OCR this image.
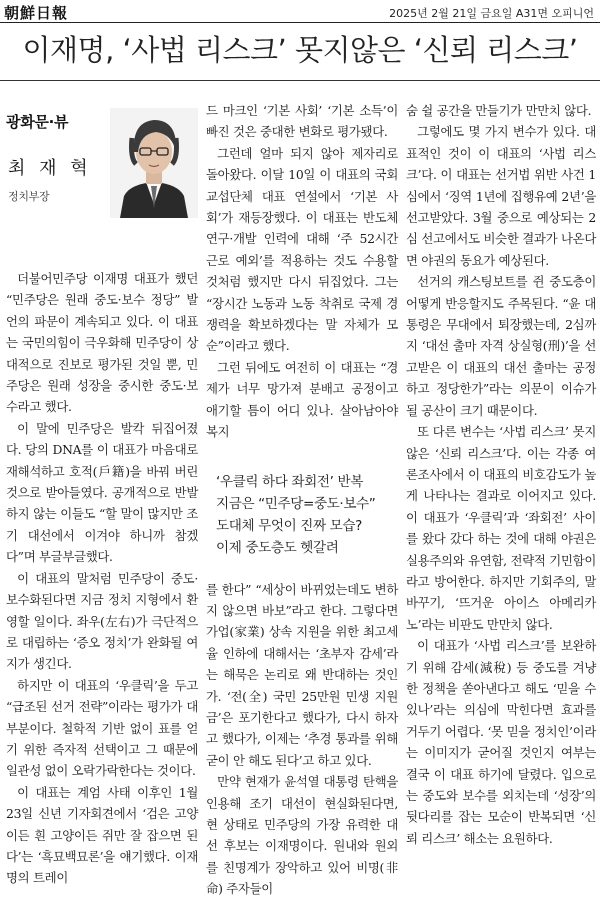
朝鮮日報	2025년 2월 21일 금요일 A31면 오피니언
이재명, ‘사법 리스크’ 못지않은 ‘신뢰 리스크’
광화문·뷰
최 재 혁
정치부장

더불어민주당 이재명 대표가 했던 “민주당은 원래 중도·보수 정당” 발언의 파문이 계속되고 있다. 이 대표는 국민의힘이 극우화해 민주당이 상대적으로 진보로 평가된 것일 뿐, 민주당은 원래 성장을 중시한 중도·보수라고 했다.

이 말에 민주당은 발칵 뒤집어졌다. 당의 DNA를 이 대표가 마음대로 재해석하고 호적(戶籍)을 바꿔 버린 것으로 받아들였다. 공개적으로 반발하지 않는 이들도 “할 말이 많지만 조기 대선에서 이겨야 하니까 참겠다”며 부글부글했다.

이 대표의 말처럼 민주당이 중도·보수화된다면 지금 정치 지형에서 환영할 일이다. 좌우(左右)가 극단적으로 대립하는 ‘증오 정치’가 완화될 여지가 생긴다.

하지만 이 대표의 ‘우클릭’을 두고 “급조된 선거 전략”이라는 평가가 대부분이다. 철학적 기반 없이 표를 얻기 위한 즉자적 선택이고 그 때문에 일관성 없이 오락가락한다는 것이다.

이 대표는 계엄 사태 이후인 1월 23일 신년 기자회견에서 ‘검은 고양이든 흰 고양이든 쥐만 잘 잡으면 된다’는 ‘흑묘백묘론’을 얘기했다. 이재명의 트레이

드 마크인 ‘기본 사회’ ‘기본 소득’이 빠진 것은 중대한 변화로 평가됐다.

그런데 얼마 되지 않아 제자리로 돌아왔다. 이달 10일 이 대표의 국회 교섭단체 대표 연설에서 ‘기본 사회’가 재등장했다. 이 대표는 반도체 연구·개발 인력에 대해 ‘주 52시간 근로 예외’를 적용하는 것도 수용할 것처럼 했지만 다시 뒤집었다. 그는 “장시간 노동과 노동 착취로 국제 경쟁력을 확보하겠다는 말 자체가 모순”이라고 했다.

그런 뒤에도 여전히 이 대표는 “경제가 너무 망가져 분배고 공정이고 애기할 틈이 어디 있나. 살아남아야 복지

‘우클릭 하다 좌회전’ 반복
지금은 “민주당=중도·보수”
도대체 무엇이 진짜 모습?
이제 중도층도 헷갈려

를 한다” “세상이 바뀌었는데도 변하지 않으면 바보”라고 한다. 그렇다면 가업(家業) 상속 지원을 위한 최고세율 인하에 대해서는 ‘초부자 감세’라는 해묵은 논리로 왜 반대하는 것인가. ‘전(全) 국민 25만원 민생 지원금’은 포기한다고 했다가, 다시 하자고 했다가, 이제는 ‘추경 통과를 위해 굳이 안 해도 된다’고 하고 있다.

만약 현재가 윤석열 대통령 탄핵을 인용해 조기 대선이 현실화된다면, 현 상태로 민주당의 가장 유력한 대선 후보는 이재명이다. 원내와 원외를 친명계가 장악하고 있어 비명(非命) 주자들이

숨 쉴 공간을 만들기가 만만치 않다.

그렇에도 몇 가지 변수가 있다. 대표적인 것이 이 대표의 ‘사법 리스크’다. 이 대표는 선거법 위반 사건 1심에서 ‘징역 1년에 집행유예 2년’을 선고받았다. 3월 중으로 예상되는 2심 선고에서도 비슷한 결과가 나온다면 야권의 동요가 예상된다.

선거의 캐스팅보트를 쥔 중도층이 어떻게 반응할지도 주목된다. “윤 대통령은 무대에서 퇴장했는데, 2심까지 ‘대선 출마 자격 상실형(刑)’을 선고받은 이 대표의 대선 출마는 공정하고 정당한가”라는 의문이 이슈가 될 공산이 크기 때문이다.

또 다른 변수는 ‘사법 리스크’ 못지않은 ‘신뢰 리스크’다. 이는 각종 여론조사에서 이 대표의 비호감도가 높게 나타나는 결과로 이어지고 있다. 이 대표가 ‘우클릭’과 ‘좌회전’ 사이를 왔다 갔다 하는 것에 대해 야권은 실용주의와 유연함, 전략적 기민함이라고 방어한다. 하지만 기회주의, 말 바꾸기, ‘뜨거운 아이스 아메리카노’라는 비판도 만만치 않다.

이 대표가 ‘사법 리스크’를 보완하기 위해 감세(減稅) 등 중도를 겨냥한 정책을 쏟아낸다고 해도 ‘믿을 수 있나’라는 의심에 막힌다면 효과를 거두기 어렵다. ‘못 믿을 정치인’이라는 이미지가 굳어질 것인지 여부는 결국 이 대표 하기에 달렸다. 입으로는 중도와 보수를 외치는데 ‘성장’의 뒷다리를 잡는 모순이 반복되면 ‘신뢰 리스크’ 해소는 요원하다.
